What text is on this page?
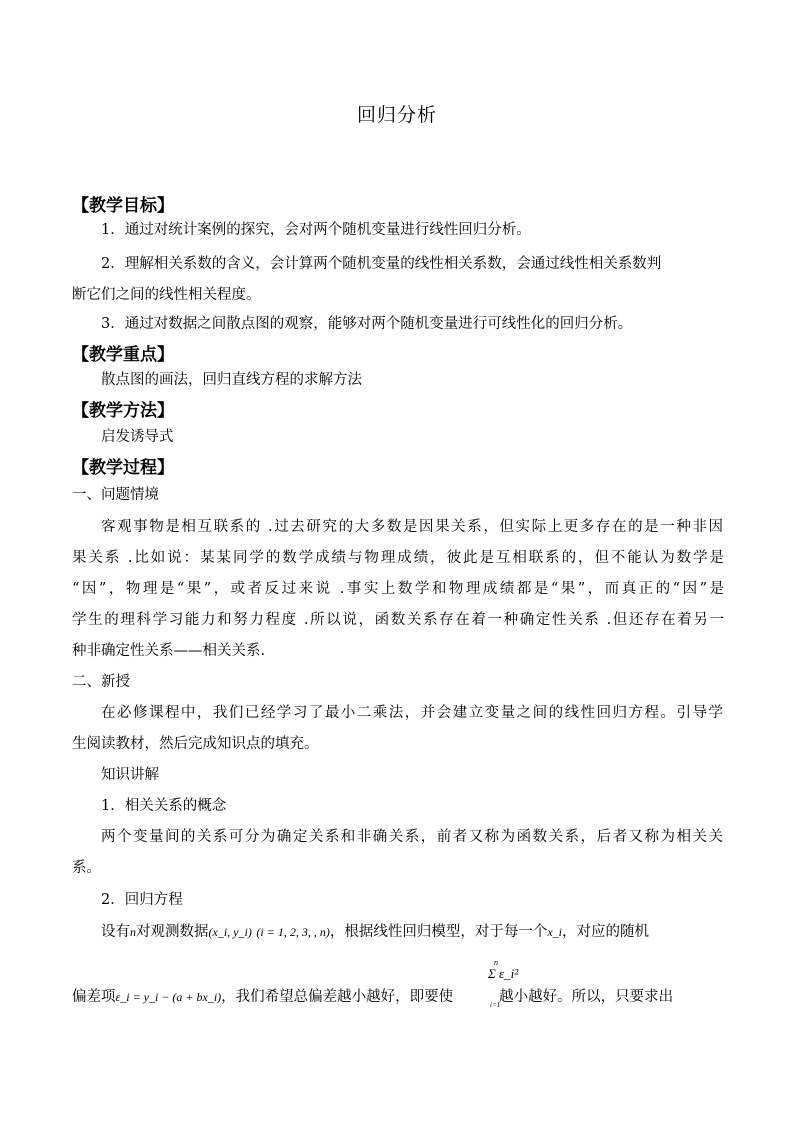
回归分析
【教学目标】
1．通过对统计案例的探究，会对两个随机变量进行线性回归分析。
2．理解相关系数的含义，会计算两个随机变量的线性相关系数，会通过线性相关系数判
断它们之间的线性相关程度。
3．通过对数据之间散点图的观察，能够对两个随机变量进行可线性化的回归分析。
【教学重点】
散点图的画法，回归直线方程的求解方法
【教学方法】
启发诱导式
【教学过程】
一、问题情境
客观事物是相互联系的 .过去研究的大多数是因果关系，但实际上更多存在的是一种非因
果关系 .比如说：某某同学的数学成绩与物理成绩，彼此是互相联系的，但不能认为数学是
“因”，物理是“果”，或者反过来说 .事实上数学和物理成绩都是“果”，而真正的“因”是
学生的理科学习能力和努力程度 .所以说，函数关系存在着一种确定性关系 .但还存在着另一
种非确定性关系——相关关系.
二、新授
在必修课程中，我们已经学习了最小二乘法，并会建立变量之间的线性回归方程。引导学
生阅读教材，然后完成知识点的填充。
知识讲解
1．相关关系的概念
两个变量间的关系可分为确定关系和非确关系，前者又称为函数关系，后者又称为相关关
系。
2．回归方程
设有n对观测数据(x_i, y_i) (i = 1, 2, 3, , n)，根据线性回归模型，对于每一个x_i，对应的随机
偏差项ε_i = y_i − (a + bx_i)，我们希望总偏差越小越好，即要使	越小越好。所以，只要求出
n
Σ ε_i²
i=1
